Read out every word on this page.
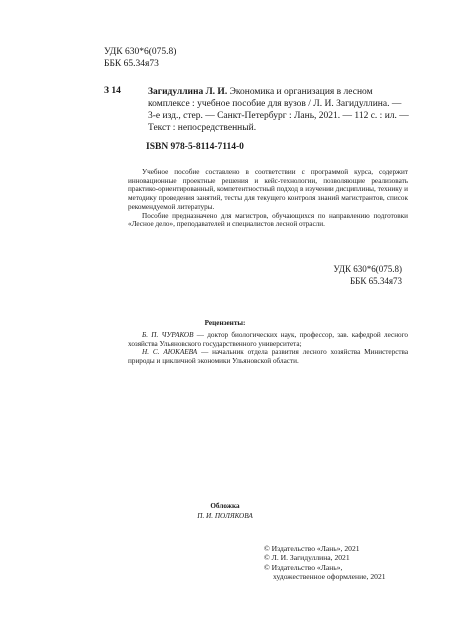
УДК 630*6(075.8)
ББК 65.34я73
З 14	Загидуллина Л. И. Экономика и организация в лесном комплексе : учебное пособие для вузов / Л. И. Загидуллина. — 3-е изд., стер. — Санкт-Петербург : Лань, 2021. — 112 с. : ил. — Текст : непосредственный.
ISBN 978-5-8114-7114-0

Учебное пособие составлено в соответствии с программой курса, содержит инновационные проектные решения и кейс-технологии, позволяющие реализовать практико-ориентированный, компетентностный подход в изучении дисциплины, технику и методику проведения занятий, тесты для текущего контроля знаний магистрантов, список рекомендуемой литературы.

Пособие предназначено для магистров, обучающихся по направлению подготовки «Лесное дело», преподавателей и специалистов лесной отрасли.

УДК 630*6(075.8)
ББК 65.34я73
Рецензенты:

Б. П. ЧУРАКОВ — доктор биологических наук, профессор, зав. кафедрой лесного хозяйства Ульяновского государственного университета;

Н. С. АЮКАЕВА — начальник отдела развития лесного хозяйства Министерства природы и цикличной экономики Ульяновской области.

Обложка
П. И. ПОЛЯКОВА
© Издательство «Лань», 2021
© Л. И. Загидуллина, 2021
© Издательство «Лань»,
художественное оформление, 2021
